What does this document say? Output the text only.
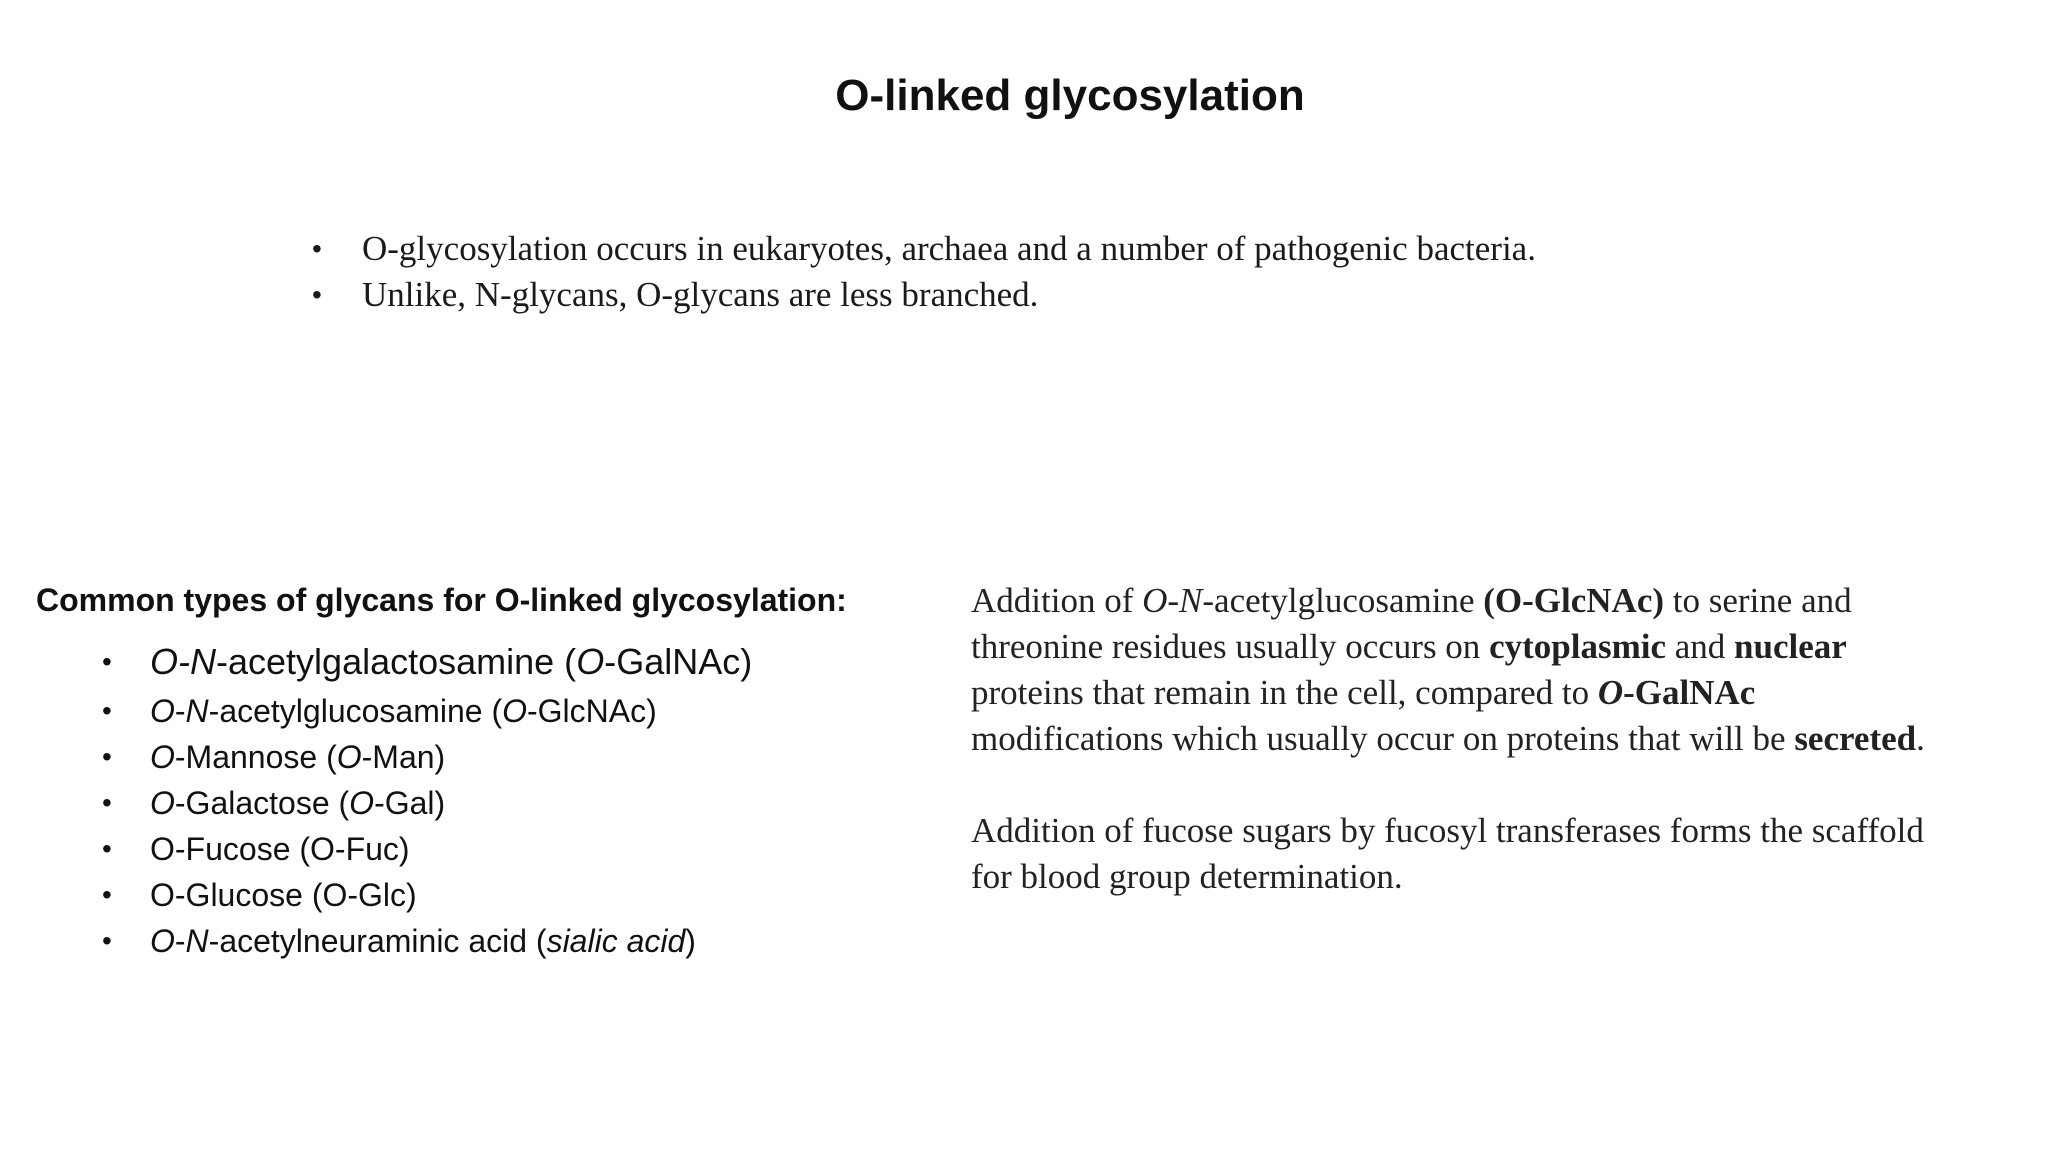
O-linked glycosylation
• O-glycosylation occurs in eukaryotes, archaea and a number of pathogenic bacteria.
• Unlike, N-glycans, O-glycans are less branched.
Common types of glycans for O-linked glycosylation:
• O-N-acetylgalactosamine (O-GalNAc)
• O-N-acetylglucosamine (O-GlcNAc)
• O-Mannose (O-Man)
• O-Galactose (O-Gal)
• O-Fucose (O-Fuc)
• O-Glucose (O-Glc)
• O-N-acetylneuraminic acid (sialic acid)

Addition of O-N-acetylglucosamine (O-GlcNAc) to serine and
threonine residues usually occurs on cytoplasmic and nuclear
proteins that remain in the cell, compared to O-GalNAc
modifications which usually occur on proteins that will be secreted.

Addition of fucose sugars by fucosyl transferases forms the scaffold
for blood group determination.
